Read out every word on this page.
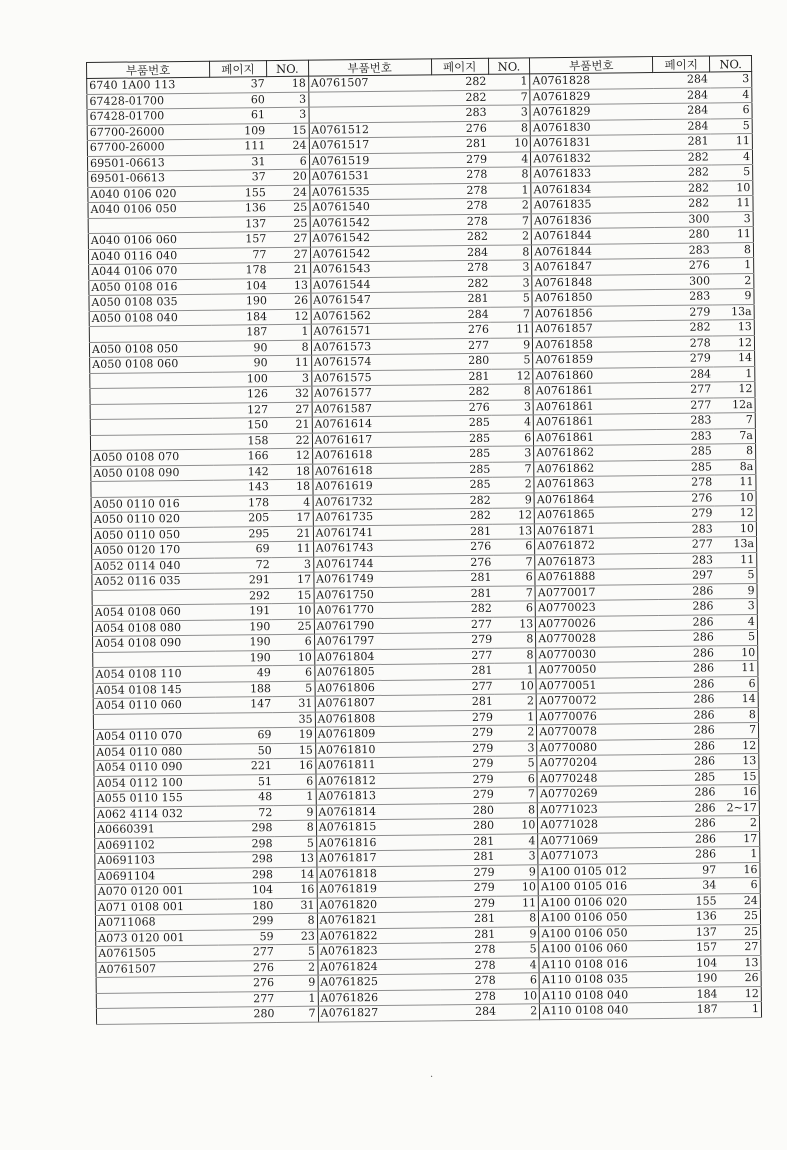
부품번호	페이지	NO.	부품번호	페이지	NO.	부품번호	페이지	NO.
6740 1A00 113	37	18	A0761507	282	1	A0761828	284	3
67428-01700	60	3		282	7	A0761829	284	4
67428-01700	61	3		283	3	A0761829	284	6
67700-26000	109	15	A0761512	276	8	A0761830	284	5
67700-26000	111	24	A0761517	281	10	A0761831	281	11
69501-06613	31	6	A0761519	279	4	A0761832	282	4
69501-06613	37	20	A0761531	278	8	A0761833	282	5
A040 0106 020	155	24	A0761535	278	1	A0761834	282	10
A040 0106 050	136	25	A0761540	278	2	A0761835	282	11
	137	25	A0761542	278	7	A0761836	300	3
A040 0106 060	157	27	A0761542	282	2	A0761844	280	11
A040 0116 040	77	27	A0761542	284	8	A0761844	283	8
A044 0106 070	178	21	A0761543	278	3	A0761847	276	1
A050 0108 016	104	13	A0761544	282	3	A0761848	300	2
A050 0108 035	190	26	A0761547	281	5	A0761850	283	9
A050 0108 040	184	12	A0761562	284	7	A0761856	279	13a
	187	1	A0761571	276	11	A0761857	282	13
A050 0108 050	90	8	A0761573	277	9	A0761858	278	12
A050 0108 060	90	11	A0761574	280	5	A0761859	279	14
	100	3	A0761575	281	12	A0761860	284	1
	126	32	A0761577	282	8	A0761861	277	12
	127	27	A0761587	276	3	A0761861	277	12a
	150	21	A0761614	285	4	A0761861	283	7
	158	22	A0761617	285	6	A0761861	283	7a
A050 0108 070	166	12	A0761618	285	3	A0761862	285	8
A050 0108 090	142	18	A0761618	285	7	A0761862	285	8a
	143	18	A0761619	285	2	A0761863	278	11
A050 0110 016	178	4	A0761732	282	9	A0761864	276	10
A050 0110 020	205	17	A0761735	282	12	A0761865	279	12
A050 0110 050	295	21	A0761741	281	13	A0761871	283	10
A050 0120 170	69	11	A0761743	276	6	A0761872	277	13a
A052 0114 040	72	3	A0761744	276	7	A0761873	283	11
A052 0116 035	291	17	A0761749	281	6	A0761888	297	5
	292	15	A0761750	281	7	A0770017	286	9
A054 0108 060	191	10	A0761770	282	6	A0770023	286	3
A054 0108 080	190	25	A0761790	277	13	A0770026	286	4
A054 0108 090	190	6	A0761797	279	8	A0770028	286	5
	190	10	A0761804	277	8	A0770030	286	10
A054 0108 110	49	6	A0761805	281	1	A0770050	286	11
A054 0108 145	188	5	A0761806	277	10	A0770051	286	6
A054 0110 060	147	31	A0761807	281	2	A0770072	286	14
		35	A0761808	279	1	A0770076	286	8
A054 0110 070	69	19	A0761809	279	2	A0770078	286	7
A054 0110 080	50	15	A0761810	279	3	A0770080	286	12
A054 0110 090	221	16	A0761811	279	5	A0770204	286	13
A054 0112 100	51	6	A0761812	279	6	A0770248	285	15
A055 0110 155	48	1	A0761813	279	7	A0770269	286	16
A062 4114 032	72	9	A0761814	280	8	A0771023	286	2~17
A0660391	298	8	A0761815	280	10	A0771028	286	2
A0691102	298	5	A0761816	281	4	A0771069	286	17
A0691103	298	13	A0761817	281	3	A0771073	286	1
A0691104	298	14	A0761818	279	9	A100 0105 012	97	16
A070 0120 001	104	16	A0761819	279	10	A100 0105 016	34	6
A071 0108 001	180	31	A0761820	279	11	A100 0106 020	155	24
A0711068	299	8	A0761821	281	8	A100 0106 050	136	25
A073 0120 001	59	23	A0761822	281	9	A100 0106 050	137	25
A0761505	277	5	A0761823	278	5	A100 0106 060	157	27
A0761507	276	2	A0761824	278	4	A110 0108 016	104	13
	276	9	A0761825	278	6	A110 0108 035	190	26
	277	1	A0761826	278	10	A110 0108 040	184	12
	280	7	A0761827	284	2	A110 0108 040	187	1
·
